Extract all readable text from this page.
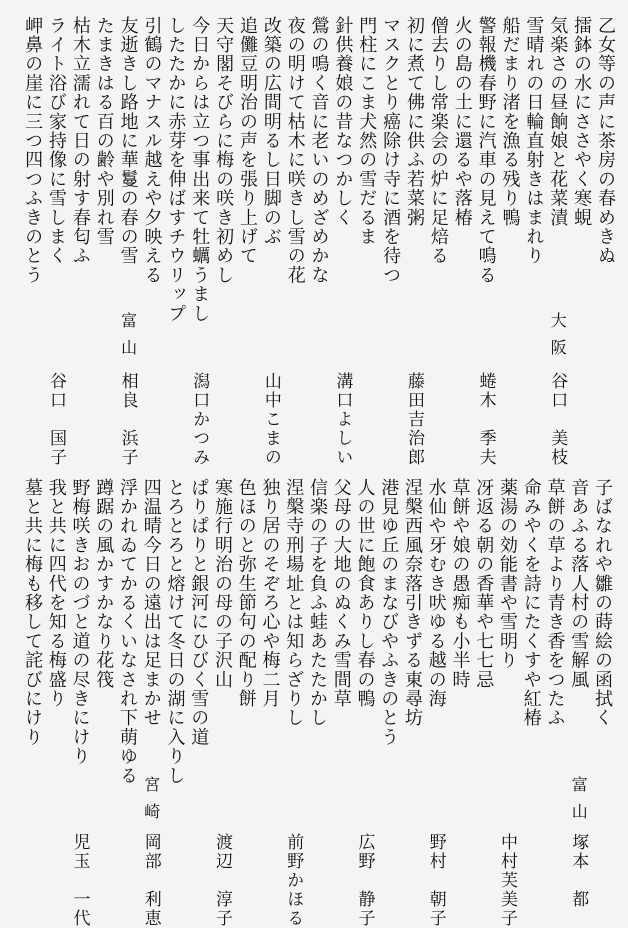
乙女等の声に茶房の春めきぬ
擂鉢の水にささやく寒蜆
気楽さの昼餉娘と花菜漬
大阪
谷口　美枝
雪晴れの日輪直射きはまれり
船だまり渚を漁る残り鴨
警報機春野に汽車の見えて鳴る
蜷木　季夫
火の島の土に還るや落椿
僧去りし常楽会の炉に足焙る
初に煮て佛に供ふ若菜粥
藤田吉治郎
マスクとり癌除け寺に酒を待つ
門柱にこま犬然の雪だるま
針供養娘の昔なつかしく
溝口よしい
鶯の鳴く音に老いのめざめかな
夜の明けて枯木に咲きし雪の花
改築の広間明るし日脚のぶ
山中こまの
追儺豆明治の声を張り上げて
天守閣そびらに梅の咲き初めし
今日からは立つ事出来て牡蠣うまし
潟口かつみ
したたかに赤芽を伸ばすチウリップ
引鶴のマナスル越えや夕映える
友逝きし路地に華鬘の春の雪
富山
相良　浜子
たまきはる百の齢や別れ雪
枯木立濡れて日の射す春匂ふ
ライト浴び家持像に雪しまく
谷口　国子
岬鼻の崖に三つ四つふきのとう
子ばなれや雛の蒔絵の函拭く
音あふる落人村の雪解風
富山
塚本　都
草餅の草より青き香をつたふ
命みやくを詩にたくすや紅椿
薬湯の効能書や雪明り
中村芙美子
冴返る朝の香華や七七忌
草餅や娘の愚痴も小半時
水仙や牙むき吠ゆる越の海
野村　朝子
涅槃西風奈落引きずる東尋坊
港見ゆ丘のまなびやふきのとう
人の世に飽食ありし春の鴨
広野　静子
父母の大地のぬくみ雪間草
信楽の子を負ふ蛙あたたかし
涅槃寺刑場址とは知らざりし
前野かほる
独り居のそぞろ心や梅二月
色ほのと弥生節句の配り餅
寒施行明治の母の子沢山
渡辺　淳子
ぱりぱりと銀河にひびく雪の道
とろとろと熔けて冬日の湖に入りし
四温晴今日の遠出は足まかせ
宮崎
岡部　利恵
浮かれゐてかるくいなされ下萌ゆる
蹲踞の風かすかなり花筏
野梅咲きおのづと道の尽きにけり
児玉　一代
我と共に四代を知る梅盛り
墓と共に梅も移して詫びにけり
